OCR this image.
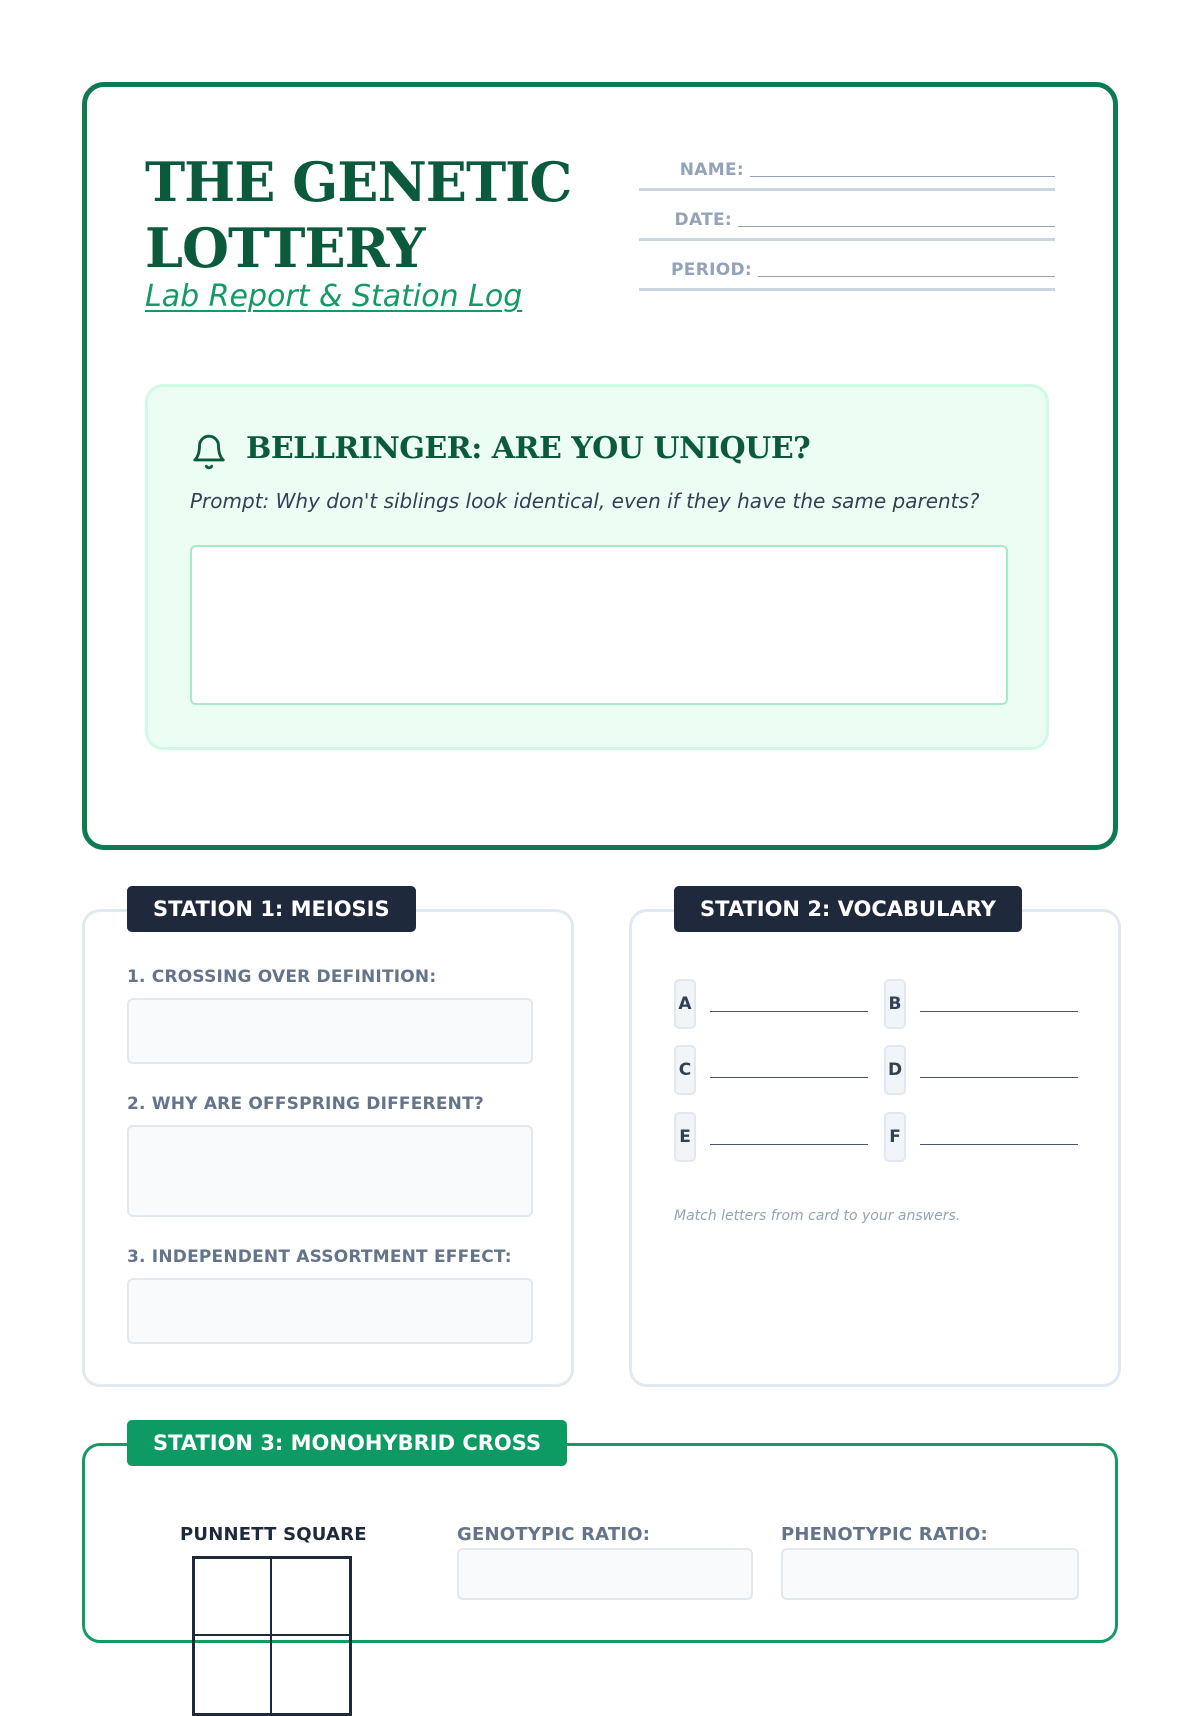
THE GENETIC LOTTERY
Lab Report & Station Log
NAME:
DATE:
PERIOD:
BELLRINGER: ARE YOU UNIQUE?

Prompt: Why don't siblings look identical, even if they have the same parents?

STATION 1: MEIOSIS
1. CROSSING OVER DEFINITION:
2. WHY ARE OFFSPRING DIFFERENT?
3. INDEPENDENT ASSORTMENT EFFECT:
STATION 2: VOCABULARY
A	B
C	D
E	F

Match letters from card to your answers.

STATION 3: MONOHYBRID CROSS
PUNNETT SQUARE	GENOTYPIC RATIO:	PHENOTYPIC RATIO:
